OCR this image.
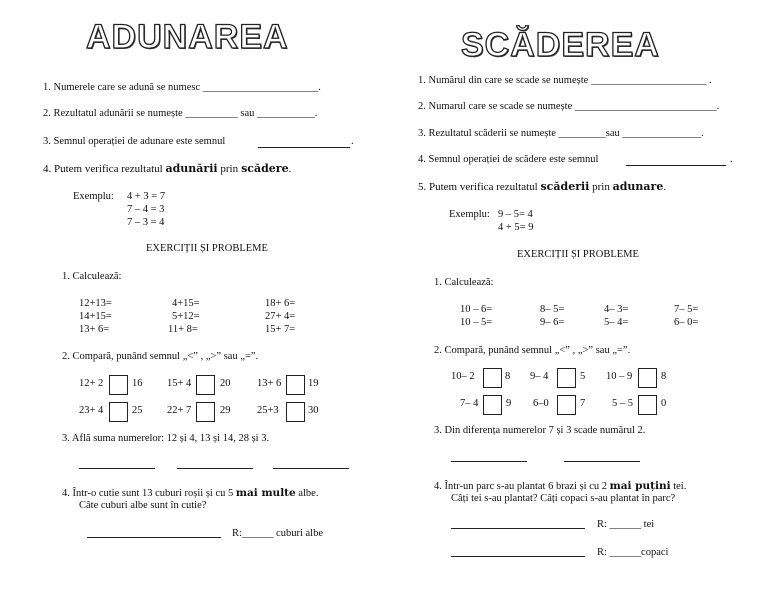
ADUNAREA
1. Numerele care se adună se numesc ______________________.
2. Rezultatul adunării se numește __________ sau ___________.
3. Semnul operației de adunare este semnul	.
4. Putem verifica rezultatul adunării prin scădere.
Exemplu: 4 + 3 = 7
7 – 4 = 3
7 – 3 = 4
EXERCIȚII ȘI PROBLEME
1. Calculează:
12+13=	4+15=	18+ 6=
14+15=	5+12=	27+ 4=
13+ 6=	11+ 8=	15+ 7=
2. Compară, punând semnul „<” , „>” sau „=”.
12+ 2	16 15+ 4	20	13+ 6	19
23+ 4	25 22+ 7	29	25+3	30
3. Află suma numerelor: 12 și 4, 13 și 14, 28 și 3.
4. Într-o cutie sunt 13 cuburi roșii și cu 5 mai multe albe.
Câte cuburi albe sunt în cutie?
R:______ cuburi albe
SCĂDEREA
1. Numărul din care se scade se numește ______________________ .
2. Numarul care se scade se numește ___________________________.
3. Rezultatul scăderii se numește _________sau _______________.
4. Semnul operației de scădere este semnul	.
5. Putem verifica rezultatul scăderii prin adunare.
Exemplu: 9 – 5= 4
4 + 5= 9
EXERCIȚII ȘI PROBLEME
1. Calculează:
10 – 6=	8– 5=	4– 3=	7– 5=
10 – 5=	9– 6=	5– 4=	6– 0=
2. Compară, punând semnul „<” , „>” sau „=”.
10– 2	8 9– 4	5 10 – 9	8
7– 4	9 6–0	7	5 – 5	0
3. Din diferența numerelor 7 și 3 scade numărul 2.
4. Într-un parc s-au plantat 6 brazi și cu 2 mai puțini tei.
Câți tei s-au plantat? Câți copaci s-au plantat în parc?
R: ______ tei
R: ______copaci
